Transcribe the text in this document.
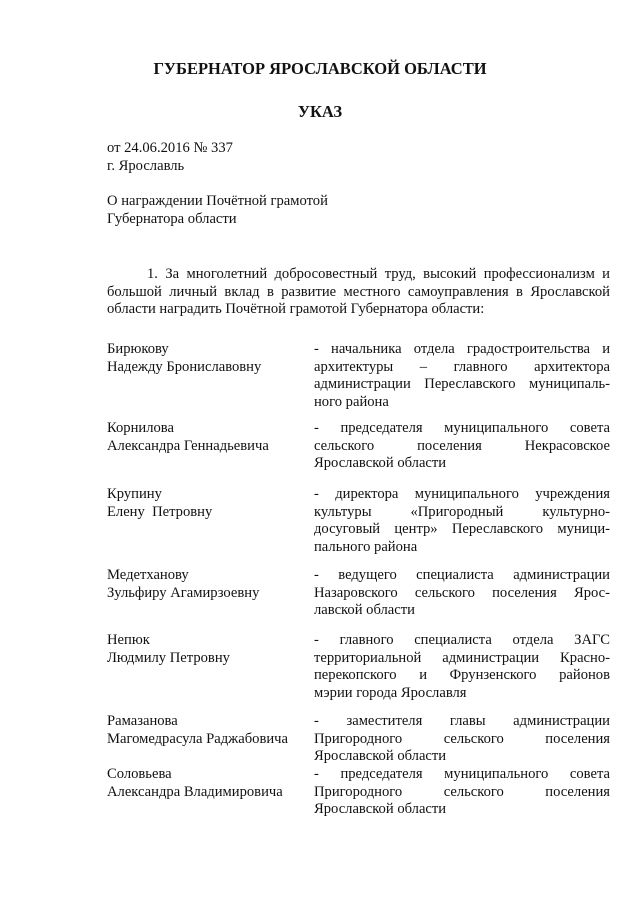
ГУБЕРНАТОР ЯРОСЛАВСКОЙ ОБЛАСТИ
УКАЗ
от 24.06.2016 № 337
г. Ярославль
О награждении Почётной грамотой
Губернатора области

1. За многолетний добросовестный труд, высокий профессионализм и большой личный вклад в развитие местного самоуправления в Ярославской области наградить Почётной грамотой Губернатора области:

Бирюкову
Надежду Брониславовну
- начальника отдела градостроительства и
архитектуры – главного архитектора
администрации Переславского муниципаль-
ного района
Корнилова
Александра Геннадьевича
- председателя муниципального совета
сельского поселения Некрасовское
Ярославской области
Крупину
Елену  Петровну
- директора муниципального учреждения
культуры «Пригородный культурно-
досуговый центр» Переславского муници-
пального района
Медетханову
Зульфиру Агамирзоевну
- ведущего специалиста администрации
Назаровского сельского поселения Ярос-
лавской области
Непюк
Людмилу Петровну
- главного специалиста отдела ЗАГС
территориальной администрации Красно-
перекопского и Фрунзенского районов
мэрии города Ярославля
Рамазанова
Магомедрасула Раджабовича
- заместителя главы администрации
Пригородного сельского поселения
Ярославской области
Соловьева
Александра Владимировича
- председателя муниципального совета
Пригородного сельского поселения
Ярославской области
